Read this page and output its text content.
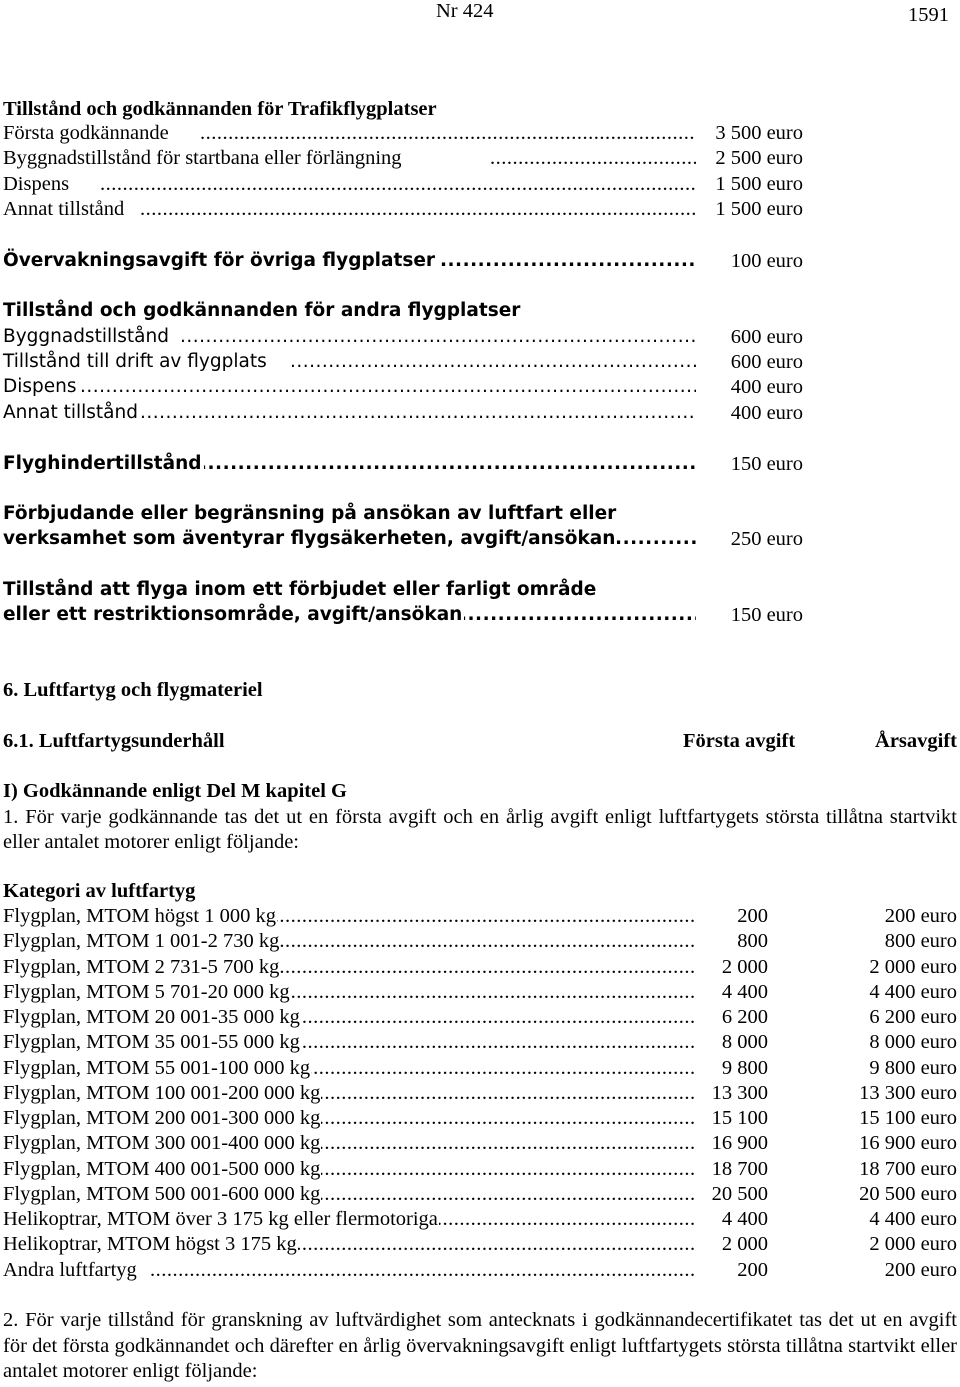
Nr 424	1591
Tillstånd och godkännanden för Trafikflygplatser
.....
Första godkännande	3 500 euro
.....
Byggnadstillstånd för startbana eller förlängning	2 500 euro
.....
Dispens	1 500 euro
.....
Annat tillstånd	1 500 euro
.....
Övervakningsavgift för övriga flygplatser	100 euro
Tillstånd och godkännanden för andra flygplatser
.....
Byggnadstillstånd	600 euro
.....
Tillstånd till drift av flygplats	600 euro
.....
Dispens	400 euro
.....
Annat tillstånd	400 euro
.....
Flyghindertillstånd	150 euro
Förbjudande eller begränsning på ansökan av luftfart eller
.....
verksamhet som äventyrar flygsäkerheten, avgift/ansökan	250 euro
Tillstånd att flyga inom ett förbjudet eller farligt område
.....
eller ett restriktionsområde, avgift/ansökan	150 euro
6. Luftfartyg och flygmateriel
6.1. Luftfartygsunderhåll	Första avgift	Årsavgift
I) Godkännande enligt Del M kapitel G
1. För varje godkännande tas det ut en första avgift och en årlig avgift enligt luftfartygets största tillåtna startvikt eller antalet motorer enligt följande:
Kategori av luftfartyg
.....
Flygplan, MTOM högst 1 000 kg	200	200 euro
.....
Flygplan, MTOM 1 001-2 730 kg	800	800 euro
.....
Flygplan, MTOM 2 731-5 700 kg	2 000	2 000 euro
.....
Flygplan, MTOM 5 701-20 000 kg	4 400	4 400 euro
.....
Flygplan, MTOM 20 001-35 000 kg	6 200	6 200 euro
.....
Flygplan, MTOM 35 001-55 000 kg	8 000	8 000 euro
.....
Flygplan, MTOM 55 001-100 000 kg	9 800	9 800 euro
.....
Flygplan, MTOM 100 001-200 000 kg	13 300	13 300 euro
.....
Flygplan, MTOM 200 001-300 000 kg	15 100	15 100 euro
.....
Flygplan, MTOM 300 001-400 000 kg	16 900	16 900 euro
.....
Flygplan, MTOM 400 001-500 000 kg	18 700	18 700 euro
.....
Flygplan, MTOM 500 001-600 000 kg	20 500	20 500 euro
.....
Helikoptrar, MTOM över 3 175 kg eller flermotoriga	4 400	4 400 euro
.....
Helikoptrar, MTOM högst 3 175 kg	2 000	2 000 euro
.....
Andra luftfartyg	200	200 euro
2. För varje tillstånd för granskning av luftvärdighet som antecknats i godkännandecertifikatet tas det ut en avgift för det första godkännandet och därefter en årlig övervakningsavgift enligt luftfartygets största tillåtna startvikt eller antalet motorer enligt följande:
